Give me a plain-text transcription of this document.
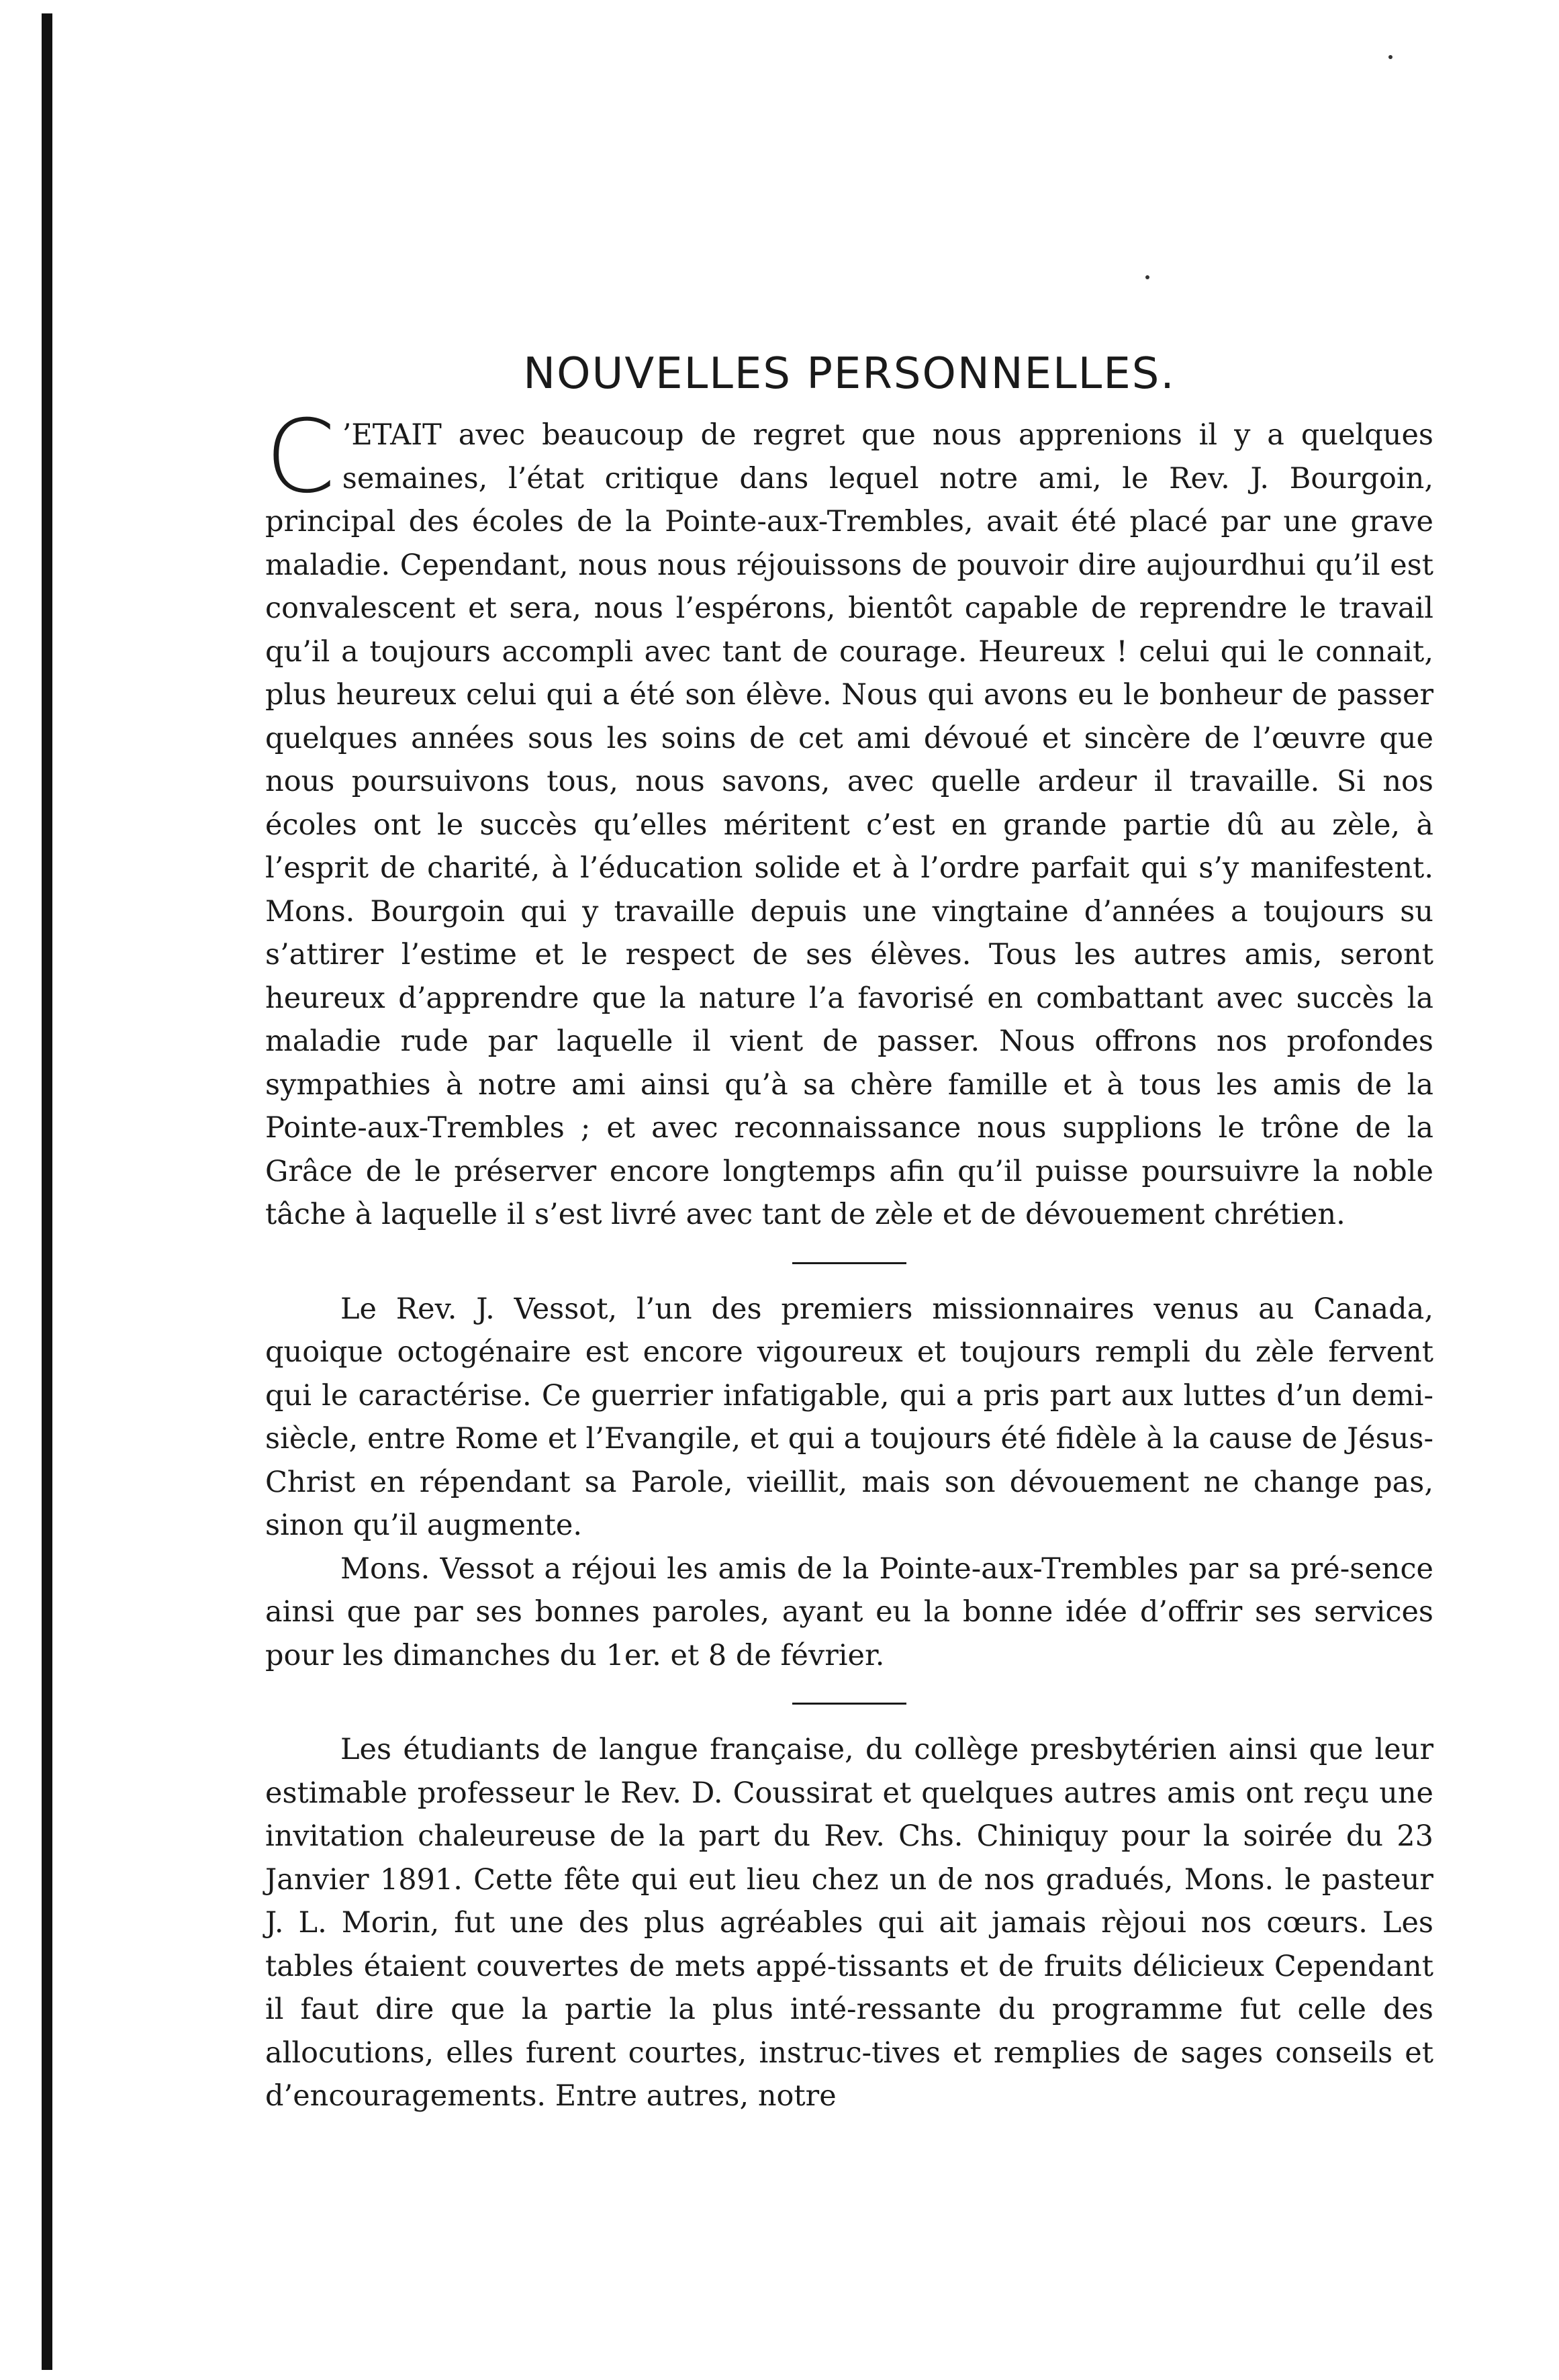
NOUVELLES PERSONNELLES.

C ’ETAIT avec beaucoup de regret que nous apprenions il y a quelques semaines, l’état critique dans lequel notre ami, le Rev. J. Bourgoin, principal des écoles de la Pointe-aux-Trembles, avait été placé par une grave maladie. Cependant, nous nous réjouissons de pouvoir dire aujourdhui qu’il est convalescent et sera, nous l’espérons, bientôt capable de reprendre le travail qu’il a toujours accompli avec tant de courage. Heureux ! celui qui le connait, plus heureux celui qui a été son élève. Nous qui avons eu le bonheur de passer quelques années sous les soins de cet ami dévoué et sincère de l’œuvre que nous poursuivons tous, nous savons, avec quelle ardeur il travaille. Si nos écoles ont le succès qu’elles méritent c’est en grande partie dû au zèle, à l’esprit de charité, à l’éducation solide et à l’ordre parfait qui s’y manifestent. Mons. Bourgoin qui y travaille depuis une vingtaine d’années a toujours su s’attirer l’estime et le respect de ses élèves. Tous les autres amis, seront heureux d’apprendre que la nature l’a favorisé en combattant avec succès la maladie rude par laquelle il vient de passer. Nous offrons nos profondes sympathies à notre ami ainsi qu’à sa chère famille et à tous les amis de la Pointe-aux-Trembles ; et avec reconnaissance nous supplions le trône de la Grâce de le préserver encore longtemps afin qu’il puisse poursuivre la noble tâche à laquelle il s’est livré avec tant de zèle et de dévouement chrétien.

Le Rev. J. Vessot, l’un des premiers missionnaires venus au Canada, quoique octogénaire est encore vigoureux et toujours rempli du zèle fervent qui le caractérise. Ce guerrier infatigable, qui a pris part aux luttes d’un demi-siècle, entre Rome et l’Evangile, et qui a toujours été fidèle à la cause de Jésus-Christ en répendant sa Parole, vieillit, mais son dévouement ne change pas, sinon qu’il augmente.

Mons. Vessot a réjoui les amis de la Pointe-aux-Trembles par sa pré-sence ainsi que par ses bonnes paroles, ayant eu la bonne idée d’offrir ses services pour les dimanches du 1er. et 8 de février.

Les étudiants de langue française, du collège presbytérien ainsi que leur estimable professeur le Rev. D. Coussirat et quelques autres amis ont reçu une invitation chaleureuse de la part du Rev. Chs. Chiniquy pour la soirée du 23 Janvier 1891. Cette fête qui eut lieu chez un de nos gradués, Mons. le pasteur J. L. Morin, fut une des plus agréables qui ait jamais rèjoui nos cœurs. Les tables étaient couvertes de mets appé-tissants et de fruits délicieux Cependant il faut dire que la partie la plus inté-ressante du programme fut celle des allocutions, elles furent courtes, instruc-tives et remplies de sages conseils et d’encouragements. Entre autres, notre
